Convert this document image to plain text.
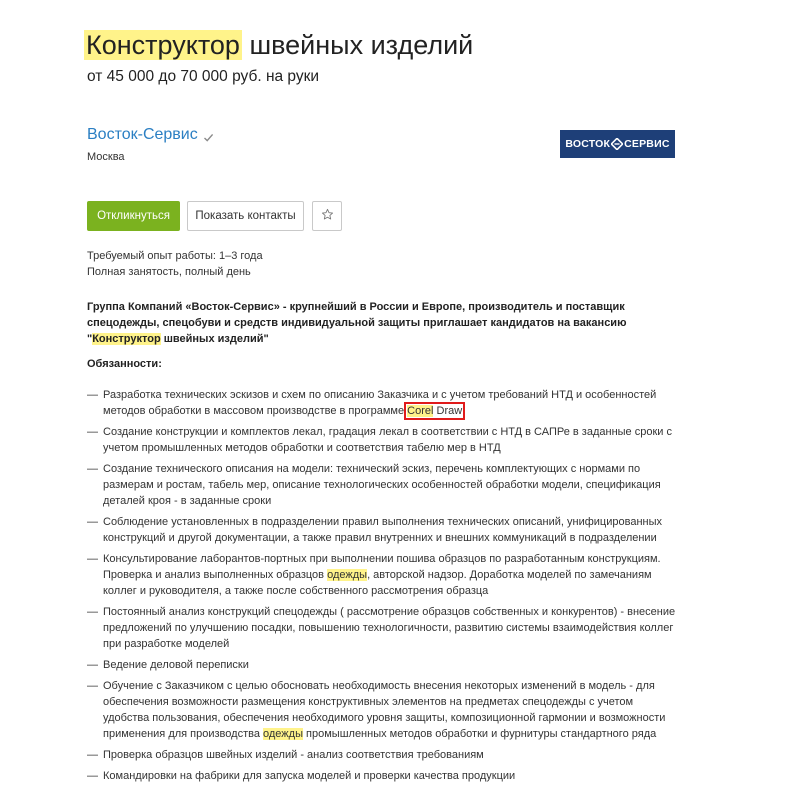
Конструктор швейных изделий
от 45 000 до 70 000 руб. на руки
Восток-Сервис
Москва
ВОСТОК СЕРВИС
Откликнуться	Показать контакты
Требуемый опыт работы: 1–3 года
Полная занятость, полный день

Группа Компаний «Восток-Сервис» - крупнейший в России и Европе, производитель и поставщик спецодежды, спецобуви и средств индивидуальной защиты приглашает кандидатов на вакансию "Конструктор швейных изделий"

Обязанности:
— Разработка технических эскизов и схем по описанию Заказчика и с учетом требований НТД и особенностей методов обработки в массовом производстве в программе Corel Draw
— Создание конструкции и комплектов лекал, градация лекал в соответствии с НТД в САПРе в заданные сроки с учетом промышленных методов обработки и соответствия табелю мер в НТД
— Создание технического описания на модели: технический эскиз, перечень комплектующих с нормами по размерам и ростам, табель мер, описание технологических особенностей обработки модели, спецификация деталей кроя - в заданные сроки
— Соблюдение установленных в подразделении правил выполнения технических описаний, унифицированных конструкций и другой документации, а также правил внутренних и внешних коммуникаций в подразделении
— Консультирование лаборантов-портных при выполнении пошива образцов по разработанным конструкциям. Проверка и анализ выполненных образцов одежды, авторской надзор. Доработка моделей по замечаниям коллег и руководителя, а также после собственного рассмотрения образца
— Постоянный анализ конструкций спецодежды ( рассмотрение образцов собственных и конкурентов) - внесение предложений по улучшению посадки, повышению технологичности, развитию системы взаимодействия коллег при разработке моделей
— Ведение деловой переписки
— Обучение с Заказчиком с целью обосновать необходимость внесения некоторых изменений в модель - для обеспечения возможности размещения конструктивных элементов на предметах спецодежды с учетом удобства пользования, обеспечения необходимого уровня защиты, композиционной гармонии и возможности применения для производства одежды промышленных методов обработки и фурнитуры стандартного ряда
— Проверка образцов швейных изделий - анализ соответствия требованиям
— Командировки на фабрики для запуска моделей и проверки качества продукции
